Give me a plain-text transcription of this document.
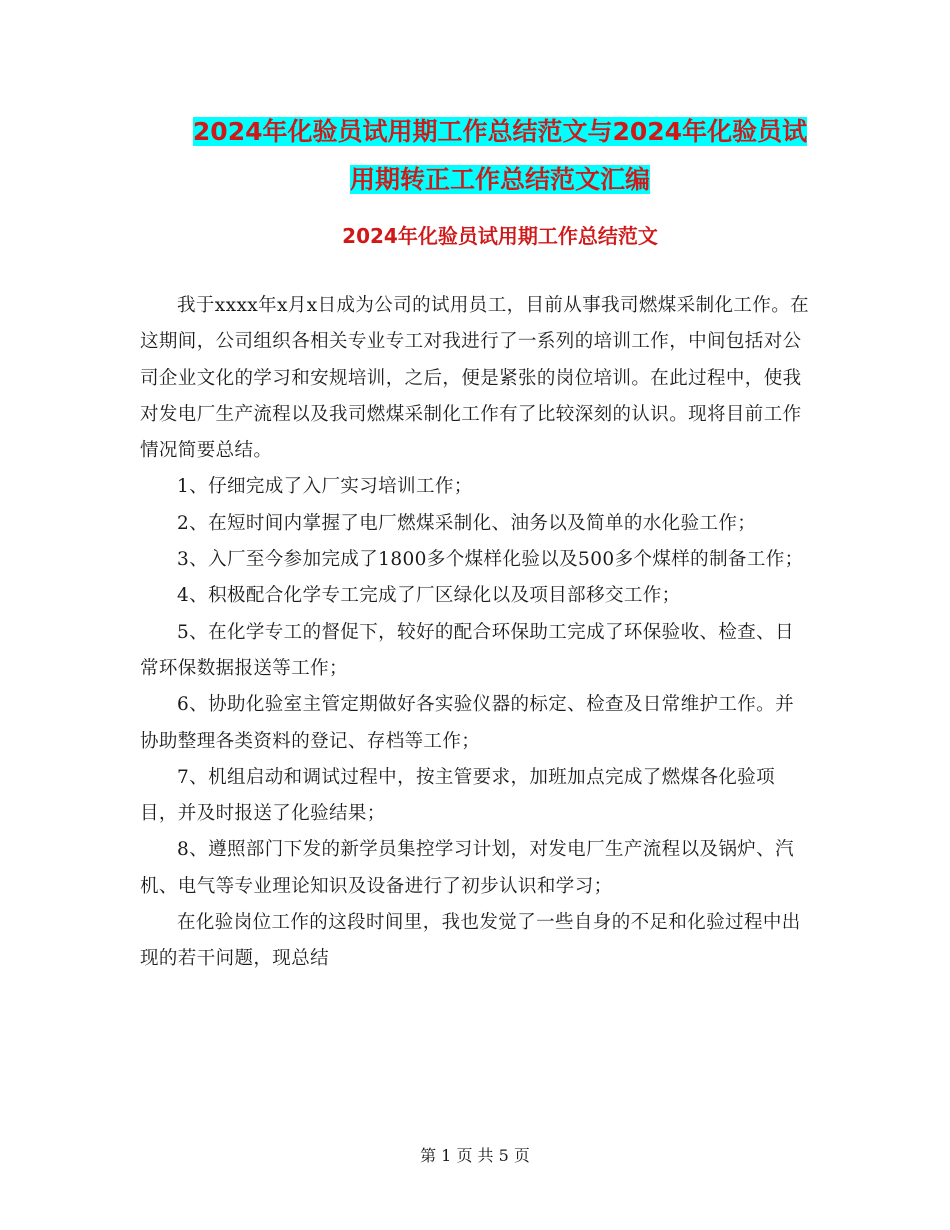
2024年化验员试用期工作总结范文与2024年化验员试
用期转正工作总结范文汇编
2024年化验员试用期工作总结范文

我于xxxx年x月x日成为公司的试用员工，目前从事我司燃煤采制化工作。在这期间，公司组织各相关专业专工对我进行了一系列的培训工作，中间包括对公司企业文化的学习和安规培训，之后，便是紧张的岗位培训。在此过程中，使我对发电厂生产流程以及我司燃煤采制化工作有了比较深刻的认识。现将目前工作情况简要总结。

1、仔细完成了入厂实习培训工作；

2、在短时间内掌握了电厂燃煤采制化、油务以及简单的水化验工作；

3、入厂至今参加完成了1800多个煤样化验以及500多个煤样的制备工作；

4、积极配合化学专工完成了厂区绿化以及项目部移交工作；

5、在化学专工的督促下，较好的配合环保助工完成了环保验收、检查、日常环保数据报送等工作；

6、协助化验室主管定期做好各实验仪器的标定、检查及日常维护工作。并协助整理各类资料的登记、存档等工作；

7、机组启动和调试过程中，按主管要求，加班加点完成了燃煤各化验项目，并及时报送了化验结果；

8、遵照部门下发的新学员集控学习计划，对发电厂生产流程以及锅炉、汽机、电气等专业理论知识及设备进行了初步认识和学习；

在化验岗位工作的这段时间里，我也发觉了一些自身的不足和化验过程中出现的若干问题，现总结

第 1 页 共 5 页
